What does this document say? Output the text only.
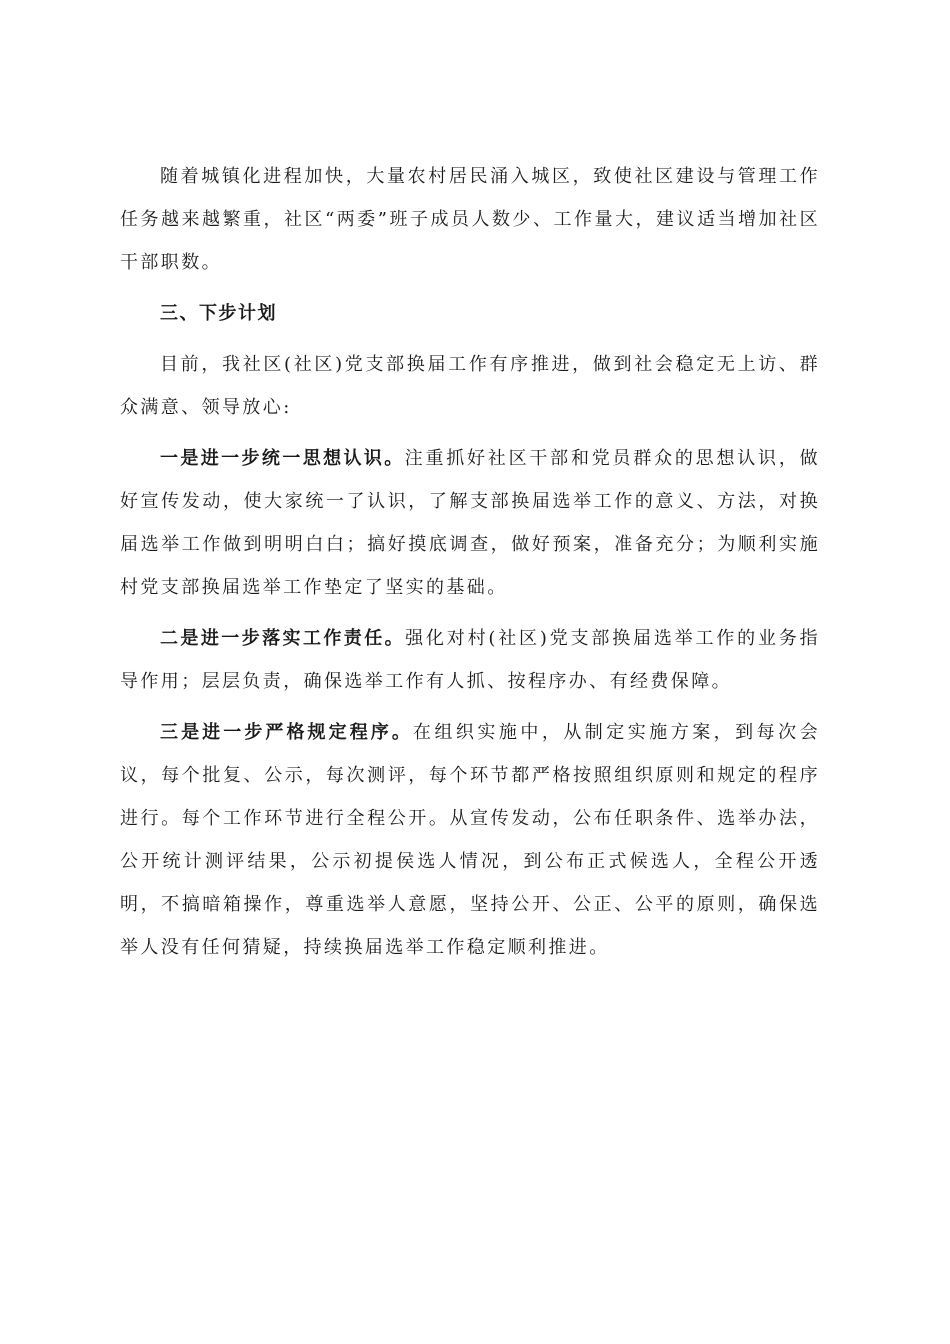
随着城镇化进程加快，大量农村居民涌入城区，致使社区建设与管理工作任务越来越繁重，社区“两委”班子成员人数少、工作量大，建议适当增加社区干部职数。

三、下步计划

目前，我社区(社区)党支部换届工作有序推进，做到社会稳定无上访、群众满意、领导放心:

一是进一步统一思想认识。注重抓好社区干部和党员群众的思想认识，做好宣传发动，使大家统一了认识，了解支部换届选举工作的意义、方法，对换届选举工作做到明明白白；搞好摸底调查，做好预案，准备充分；为顺利实施村党支部换届选举工作垫定了坚实的基础。

二是进一步落实工作责任。强化对村(社区)党支部换届选举工作的业务指导作用；层层负责，确保选举工作有人抓、按程序办、有经费保障。

三是进一步严格规定程序。在组织实施中，从制定实施方案，到每次会议，每个批复、公示，每次测评，每个环节都严格按照组织原则和规定的程序进行。每个工作环节进行全程公开。从宣传发动，公布任职条件、选举办法，公开统计测评结果，公示初提侯选人情况，到公布正式候选人，全程公开透明，不搞暗箱操作，尊重选举人意愿，坚持公开、公正、公平的原则，确保选举人没有任何猜疑，持续换届选举工作稳定顺利推进。
